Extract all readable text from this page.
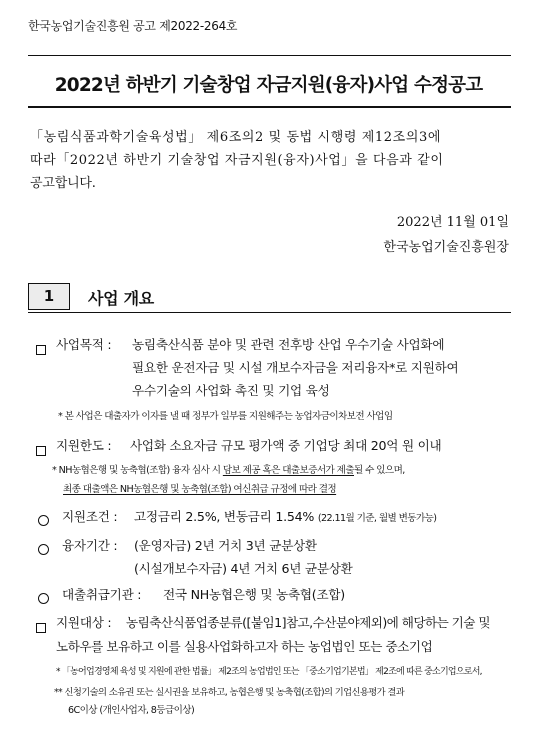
한국농업기술진흥원 공고 제2022-264호
2022년 하반기 기술창업 자금지원(융자)사업 수정공고
「농림식품과학기술육성법」 제6조의2 및 동법 시행령 제12조의3에
따라「2022년 하반기 기술창업 자금지원(융자)사업」을 다음과 같이
공고합니다.
2022년 11월 01일
한국농업기술진흥원장
1	사업 개요
사업목적 : 농림축산식품 분야 및 관련 전후방 산업 우수기술 사업화에
필요한 운전자금 및 시설 개보수자금을 저리융자*로 지원하여
우수기술의 사업화 촉진 및 기업 육성
* 본 사업은 대출자가 이자를 낼 때 정부가 일부를 지원해주는 농업자금이차보전 사업임
지원한도 : 사업화 소요자금 규모 평가액 중 기업당 최대 20억 원 이내
* NH농협은행 및 농축협(조합) 융자 심사 시 담보 제공 혹은 대출보증서가 제출될 수 있으며,
최종 대출액은 NH농협은행 및 농축협(조합) 여신취급 규정에 따라 결정
지원조건 : 고정금리 2.5%, 변동금리 1.54% (22.11월 기준, 월별 변동가능)
융자기간 : (운영자금) 2년 거치 3년 균분상환
(시설개보수자금) 4년 거치 6년 균분상환
대출취급기관 : 전국 NH농협은행 및 농축협(조합)
지원대상 : 농림축산식품업종분류([붙임1]참고,수산분야제외)에 해당하는 기술 및
노하우를 보유하고 이를 실용사업화하고자 하는 농업법인 또는 중소기업
* 「농어업경영체 육성 및 지원에 관한 법률」 제2조의 농업법인 또는 「중소기업기본법」 제2조에 따른 중소기업으로서,
** 신청기술의 소유권 또는 실시권을 보유하고, 농협은행 및 농축협(조합)의 기업신용평가 결과
6C이상 (개인사업자, 8등급이상)
